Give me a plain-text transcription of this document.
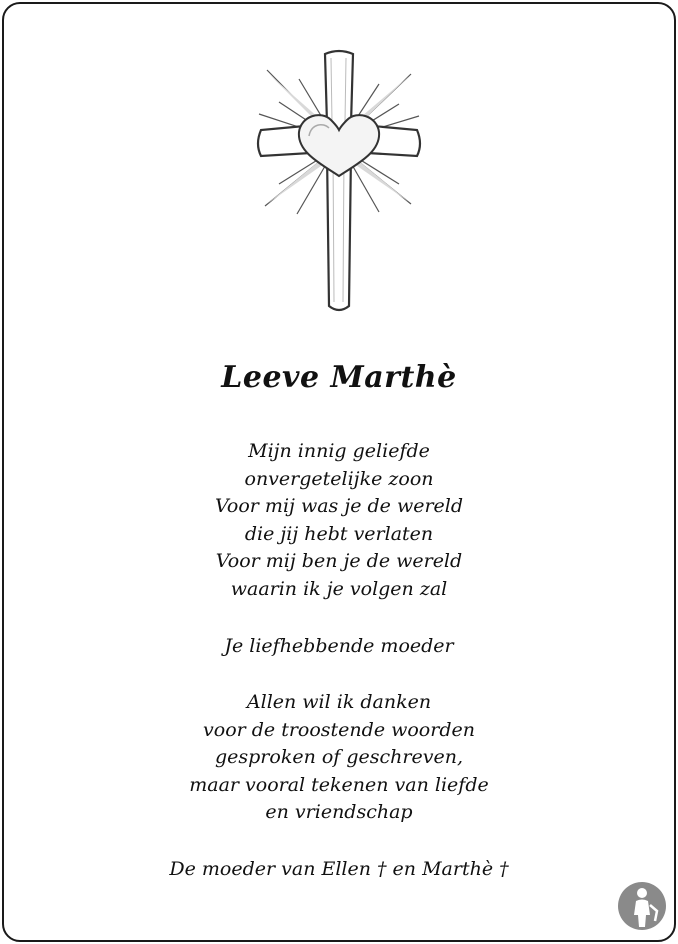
Leeve Marthè
Mijn innig geliefde
onvergetelijke zoon
Voor mij was je de wereld
die jij hebt verlaten
Voor mij ben je de wereld
waarin ik je volgen zal
Je liefhebbende moeder
Allen wil ik danken
voor de troostende woorden
gesproken of geschreven,
maar vooral tekenen van liefde
en vriendschap
De moeder van Ellen † en Marthè †
